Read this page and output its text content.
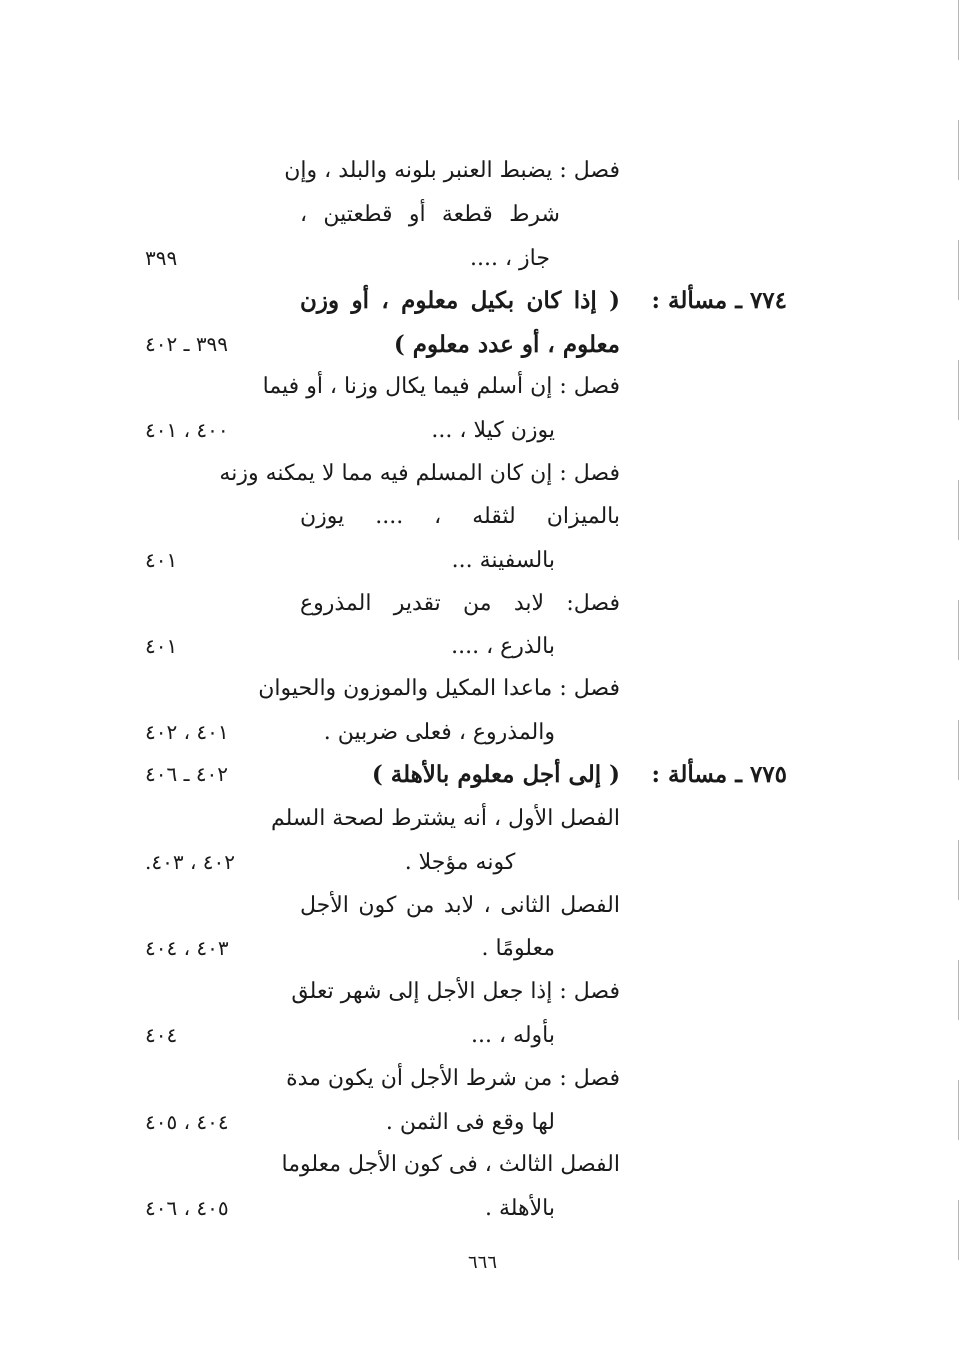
فصل : يضبط العنبر بلونه والبلد ، وإن
شرط قطعة أو قطعتين ،
جاز ، ....
٣٩٩
٧٧٤ ـ مسألة :
( إذا كان بكيل معلوم ، أو وزن
معلوم ، أو عدد معلوم )
٣٩٩ ـ ٤٠٢
فصل : إن أسلم فيما يكال وزنا ، أو فيما
يوزن كيلا ، ...
٤٠٠ ، ٤٠١
فصل : إن كان المسلم فيه مما لا يمكنه وزنه
بالميزان لثقله ، .... يوزن
بالسفينة ...
٤٠١
فصل: لابد من تقدير المذروع
بالذرع ، ....
٤٠١
فصل : ماعدا المكيل والموزون والحيوان
والمذروع ، فعلى ضربين .
٤٠١ ، ٤٠٢
٧٧٥ ـ مسألة :
( إلى أجل معلوم بالأهلة )
٤٠٢ ـ ٤٠٦
الفصل الأول ، أنه يشترط لصحة السلم
كونه مؤجلا .
٤٠٢ ، ٤٠٣.
الفصل الثانى ، لابد من كون الأجل
معلومًا .
٤٠٣ ، ٤٠٤
فصل : إذا جعل الأجل إلى شهر تعلق
بأوله ، ...
٤٠٤
فصل : من شرط الأجل أن يكون مدة
لها وقع فى الثمن .
٤٠٤ ، ٤٠٥
الفصل الثالث ، فى كون الأجل معلوما
بالأهلة .
٤٠٥ ، ٤٠٦
٦٦٦
